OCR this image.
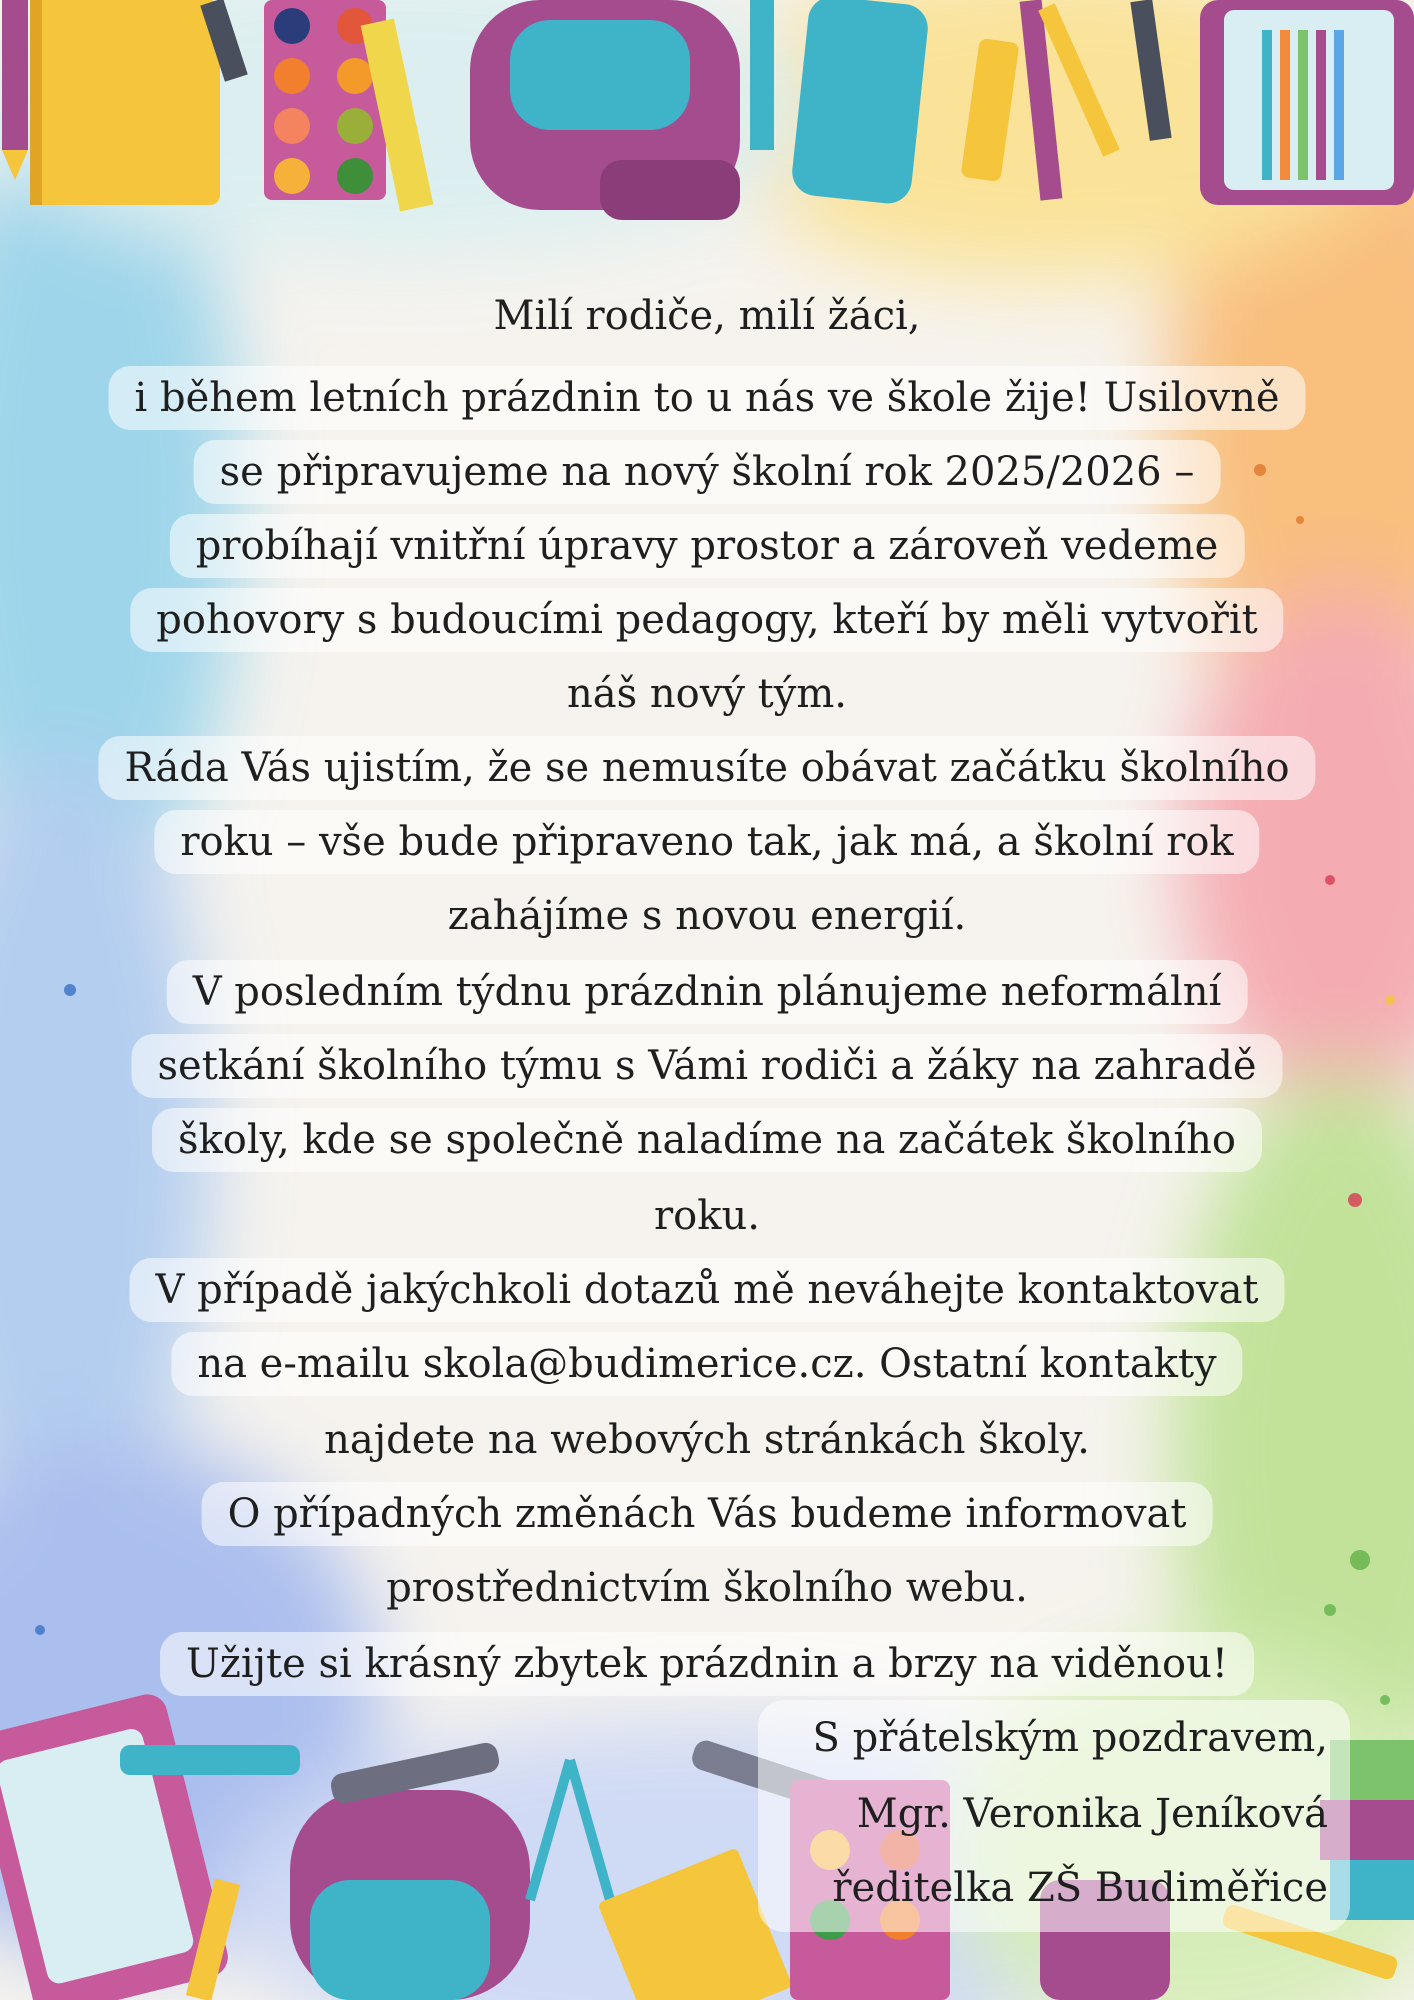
Milí rodiče, milí žáci,
i během letních prázdnin to u nás ve škole žije! Usilovně
se připravujeme na nový školní rok 2025/2026 –
probíhají vnitřní úpravy prostor a zároveň vedeme
pohovory s budoucími pedagogy, kteří by měli vytvořit
náš nový tým.
Ráda Vás ujistím, že se nemusíte obávat začátku školního
roku – vše bude připraveno tak, jak má, a školní rok
zahájíme s novou energií.
V posledním týdnu prázdnin plánujeme neformální
setkání školního týmu s Vámi rodiči a žáky na zahradě
školy, kde se společně naladíme na začátek školního
roku.
V případě jakýchkoli dotazů mě neváhejte kontaktovat
na e-mailu skola@budimerice.cz. Ostatní kontakty
najdete na webových stránkách školy.
O případných změnách Vás budeme informovat
prostřednictvím školního webu.
Užijte si krásný zbytek prázdnin a brzy na viděnou!
S přátelským pozdravem,
Mgr. Veronika Jeníková
ředitelka ZŠ Budiměřice
